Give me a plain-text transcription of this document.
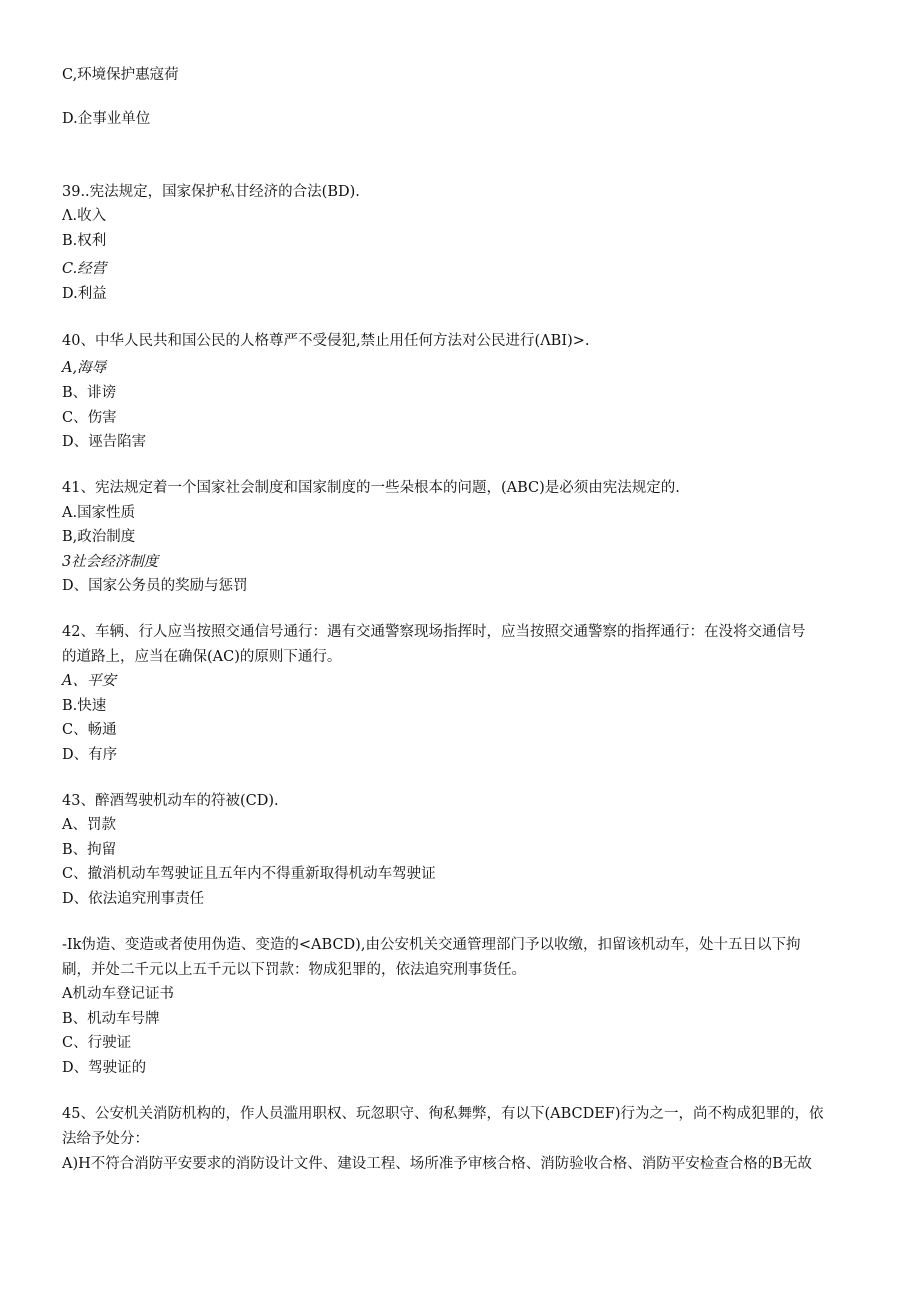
C,环境保护惠寇荷
D.企事业单位
39..宪法规定，国家保护私甘经济的合法(BD).
Λ.收入
B.权利
C.经营
D.利益
40、中华人民共和国公民的人格尊严不受侵犯,禁止用任何方法对公民进行(ΛBI)>.
A,海辱
B、诽谤
C、伤害
D、诬告陷害
41、宪法规定着一个国家社会制度和国家制度的一些朵根本的问题，(ABC)是必须由宪法规定的.
A.国家性质
B,政治制度
3社会经济制度
D、国家公务员的奖励与惩罚
42、车辆、行人应当按照交通信号通行：遇有交通警察现场指挥时，应当按照交通警察的指挥通行：在没将交通信号
的道路上，应当在确保(AC)的原则下通行。
A、平安
B.快速
C、畅通
D、有序
43、醉酒驾驶机动车的符被(CD).
A、罚款
B、拘留
C、撤消机动车驾驶证且五年内不得重新取得机动车驾驶证
D、依法追究刑事责任
-Ik伪造、变造或者使用伪造、变造的<ABCD),由公安机关交通管理部门予以收缴，扣留该机动车，处十五日以下拘
刷，并处二千元以上五千元以下罚款：物成犯罪的，依法追究刑事货任。
A机动车登记证书
B、机动车号牌
C、行驶证
D、驾驶证的
45、公安机关消防机构的，作人员滥用职权、玩忽职守、徇私舞弊，有以下(ABCDEF)行为之一，尚不构成犯罪的，依
法给予处分：
A)H不符合消防平安要求的消防设计文件、建设工程、场所准予审核合格、消防验收合格、消防平安检查合格的B无故
